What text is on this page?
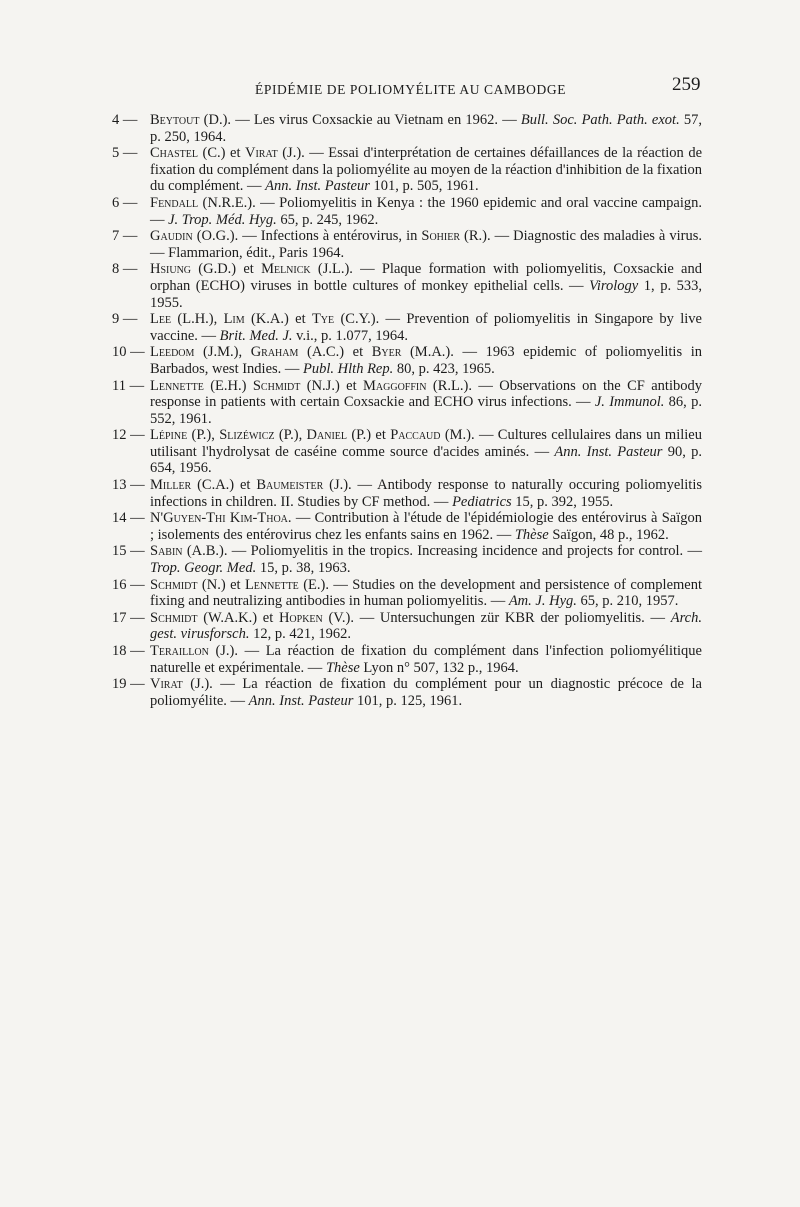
ÉPIDÉMIE DE POLIOMYÉLITE AU CAMBODGE	259
4 — Beytout (D.). — Les virus Coxsackie au Vietnam en 1962. — Bull. Soc. Path. Path. exot. 57, p. 250, 1964.
5 — Chastel (C.) et Virat (J.). — Essai d'interprétation de certaines défaillances de la réaction de fixation du complément dans la poliomyélite au moyen de la réaction d'inhibition de la fixation du complément. — Ann. Inst. Pasteur 101, p. 505, 1961.
6 — Fendall (N.R.E.). — Poliomyelitis in Kenya : the 1960 epidemic and oral vaccine campaign. — J. Trop. Méd. Hyg. 65, p. 245, 1962.
7 — Gaudin (O.G.). — Infections à entérovirus, in Sohier (R.). — Diagnostic des maladies à virus. — Flammarion, édit., Paris 1964.
8 — Hsiung (G.D.) et Melnick (J.L.). — Plaque formation with poliomyelitis, Coxsackie and orphan (ECHO) viruses in bottle cultures of monkey epithelial cells. — Virology 1, p. 533, 1955.
9 — Lee (L.H.), Lim (K.A.) et Tye (C.Y.). — Prevention of poliomyelitis in Singapore by live vaccine. — Brit. Med. J. v.i., p. 1.077, 1964.
10 — Leedom (J.M.), Graham (A.C.) et Byer (M.A.). — 1963 epidemic of poliomyelitis in Barbados, west Indies. — Publ. Hlth Rep. 80, p. 423, 1965.
11 — Lennette (E.H.) Schmidt (N.J.) et Maggoffin (R.L.). — Observations on the CF antibody response in patients with certain Coxsackie and ECHO virus infections. — J. Immunol. 86, p. 552, 1961.
12 — Lépine (P.), Slizéwicz (P.), Daniel (P.) et Paccaud (M.). — Cultures cellulaires dans un milieu utilisant l'hydrolysat de caséine comme source d'acides aminés. — Ann. Inst. Pasteur 90, p. 654, 1956.
13 — Miller (C.A.) et Baumeister (J.). — Antibody response to naturally occuring poliomyelitis infections in children. II. Studies by CF method. — Pediatrics 15, p. 392, 1955.
14 — N'Guyen-Thi Kim-Thoa. — Contribution à l'étude de l'épidémiologie des entérovirus à Saïgon ; isolements des entérovirus chez les enfants sains en 1962. — Thèse Saïgon, 48 p., 1962.
15 — Sabin (A.B.). — Poliomyelitis in the tropics. Increasing incidence and projects for control. — Trop. Geogr. Med. 15, p. 38, 1963.
16 — Schmidt (N.) et Lennette (E.). — Studies on the development and persistence of complement fixing and neutralizing antibodies in human poliomyelitis. — Am. J. Hyg. 65, p. 210, 1957.
17 — Schmidt (W.A.K.) et Hopken (V.). — Untersuchungen zür KBR der poliomyelitis. — Arch. gest. virusforsch. 12, p. 421, 1962.
18 — Teraillon (J.). — La réaction de fixation du complément dans l'infection poliomyélitique naturelle et expérimentale. — Thèse Lyon n° 507, 132 p., 1964.
19 — Virat (J.). — La réaction de fixation du complément pour un diagnostic précoce de la poliomyélite. — Ann. Inst. Pasteur 101, p. 125, 1961.
